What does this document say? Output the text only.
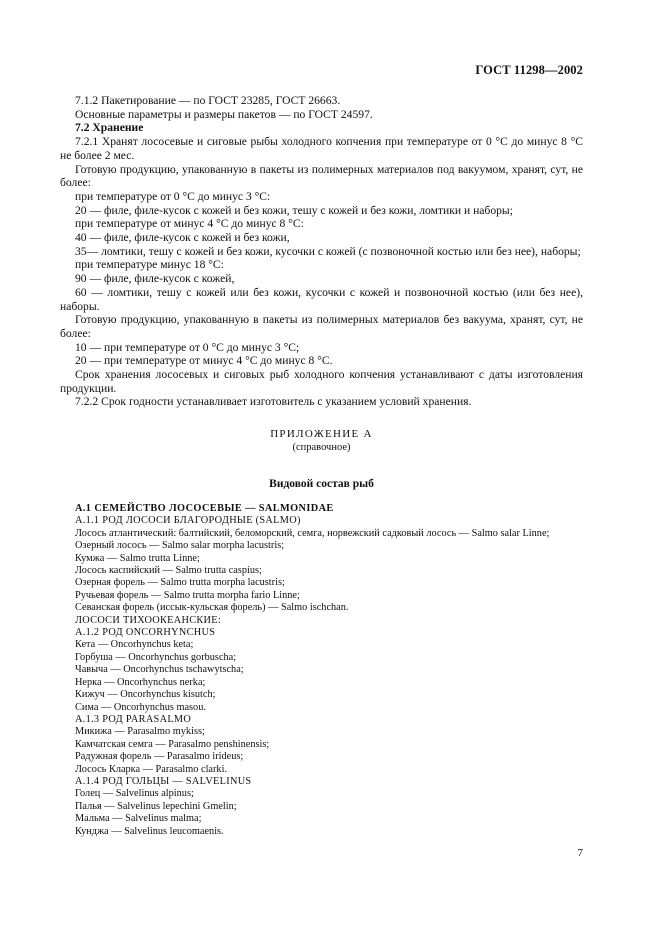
ГОСТ 11298—2002

7.1.2 Пакетирование — по ГОСТ 23285, ГОСТ 26663.

Основные параметры и размеры пакетов — по ГОСТ 24597.

7.2 Хранение

7.2.1 Хранят лососевые и сиговые рыбы холодного копчения при температуре от 0 °С до минус 8 °С не более 2 мес.

Готовую продукцию, упакованную в пакеты из полимерных материалов под вакуумом, хранят, сут, не более:

при температуре от 0 °С до минус 3 °С:

20 — филе, филе-кусок с кожей и без кожи, тешу с кожей и без кожи, ломтики и наборы;

при температуре от минус 4 °С до минус 8 °С:

40 — филе, филе-кусок с кожей и без кожи,

35— ломтики, тешу с кожей и без кожи, кусочки с кожей (с позвоночной костью или без нее), наборы;

при температуре минус 18 °С:

90 — филе, филе-кусок с кожей,

60 — ломтики, тешу с кожей или без кожи, кусочки с кожей и позвоночной костью (или без нее), наборы.

Готовую продукцию, упакованную в пакеты из полимерных материалов без вакуума, хранят, сут, не более:

10 — при температуре от 0 °С до минус 3 °С;

20 — при температуре от минус 4 °С до минус 8 °С.

Срок хранения лососевых и сиговых рыб холодного копчения устанавливают с даты изготовления продукции.

7.2.2 Срок годности устанавливает изготовитель с указанием условий хранения.

ПРИЛОЖЕНИЕ А
(справочное)
Видовой состав рыб

А.1 СЕМЕЙСТВО ЛОСОСЕВЫЕ — SALMONIDAE

А.1.1 РОД ЛОСОСИ БЛАГОРОДНЫЕ (SALMO)

Лосось атлантический: балтийский, беломорский, семга, норвежский садковый лосось — Salmo salar Linne;

Озерный лосось — Salmo salar morpha lacustris;

Кумжа — Salmo trutta Linne;

Лосось каспийский — Salmo trutta caspius;

Озерная форель — Salmo trutta morpha lacustris;

Ручьевая форель — Salmo trutta morpha fario Linne;

Севанская форель (иссык-кульская форель) — Salmo ischchan.

ЛОСОСИ ТИХООКЕАНСКИЕ:

А.1.2 РОД ONCORHYNCHUS

Кета — Oncorhynchus keta;

Горбуша — Oncorhynchus gorbuscha;

Чавыча — Oncorhynchus tschawytscha;

Нерка — Oncorhynchus nerka;

Кижуч — Oncorhynchus kisutch;

Сима — Oncorhynchus masou.

А.1.3 РОД PARASALMO

Микижа — Parasalmo mykiss;

Камчатская семга — Parasalmo penshinensis;

Радужная форель — Parasalmo irideus;

Лосось Кларка — Parasalmo clarki.

А.1.4 РОД ГОЛЬЦЫ — SALVELINUS

Голец — Salvelinus alpinus;

Палья — Salvelinus lepechini Gmelin;

Мальма — Salvelinus malma;

Кунджа — Salvelinus leucomaenis.

7
